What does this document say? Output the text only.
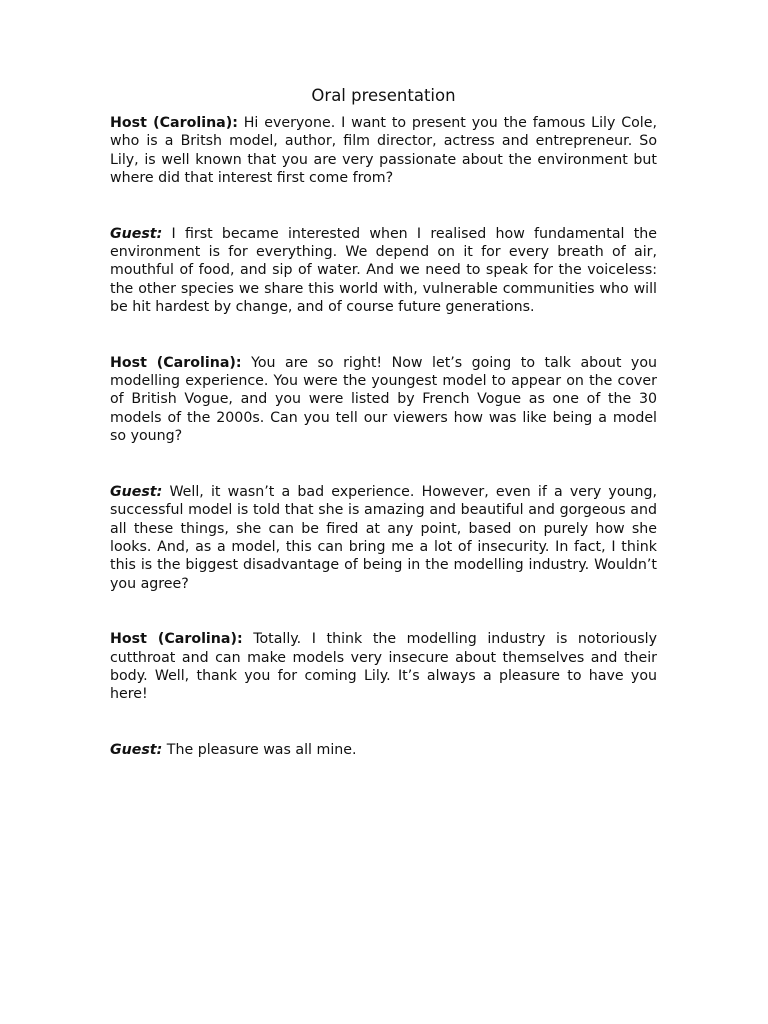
Oral presentation

Host (Carolina): Hi everyone. I want to present you the famous Lily Cole, who is a Britsh model, author, film director, actress and entrepreneur. So Lily, is well known that you are very passionate about the environment but where did that interest first come from?

Guest: I first became interested when I realised how fundamental the environment is for everything. We depend on it for every breath of air, mouthful of food, and sip of water. And we need to speak for the voiceless: the other species we share this world with, vulnerable communities who will be hit hardest by change, and of course future generations.

Host (Carolina): You are so right! Now let’s going to talk about you modelling experience. You were the youngest model to appear on the cover of British Vogue, and you were listed by French Vogue as one of the 30 models of the 2000s. Can you tell our viewers how was like being a model so young?

Guest: Well, it wasn’t a bad experience. However, even if a very young, successful model is told that she is amazing and beautiful and gorgeous and all these things, she can be fired at any point, based on purely how she looks. And, as a model, this can bring me a lot of insecurity. In fact, I think this is the biggest disadvantage of being in the modelling industry. Wouldn’t you agree?

Host (Carolina): Totally. I think the modelling industry is notoriously cutthroat and can make models very insecure about themselves and their body. Well, thank you for coming Lily. It’s always a pleasure to have you here!

Guest: The pleasure was all mine.
